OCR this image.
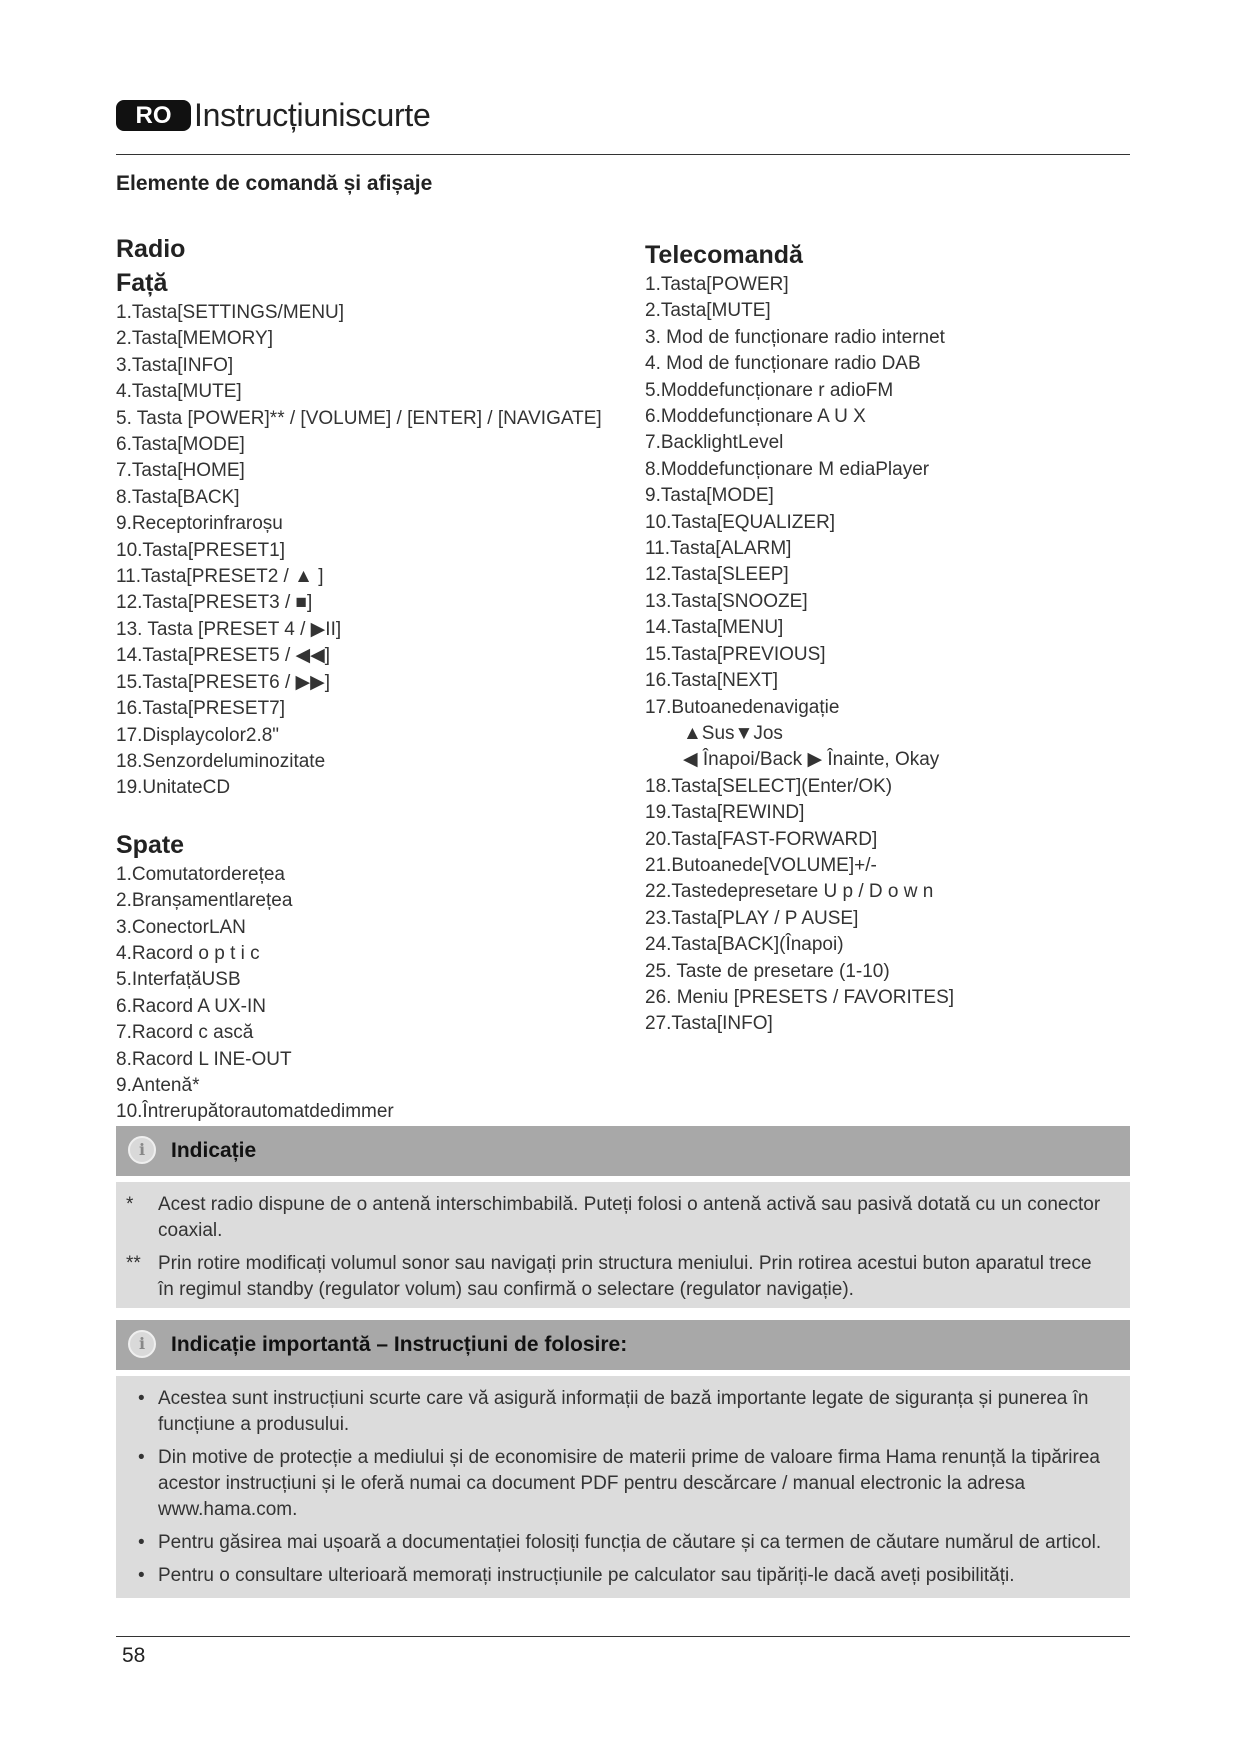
RO Instrucțiuniscurte
Elemente de comandă și afișaje
Radio
Față
1.Tasta[SETTINGS/MENU]
2.Tasta[MEMORY]
3.Tasta[INFO]
4.Tasta[MUTE]
5. Tasta [POWER]** / [VOLUME] / [ENTER] / [NAVIGATE]
6.Tasta[MODE]
7.Tasta[HOME]
8.Tasta[BACK]
9.Receptorinfraroșu
10.Tasta[PRESET1]
11.Tasta[PRESET2 / ▲ ]
12.Tasta[PRESET3 / ■]
13. Tasta [PRESET 4 / ▶II]
14.Tasta[PRESET5 / ◀◀]
15.Tasta[PRESET6 / ▶▶]
16.Tasta[PRESET7]
17.Displaycolor2.8"
18.Senzordeluminozitate
19.UnitateCD
Spate
1.Comutatorderețea
2.Branșamentlarețea
3.ConectorLAN
4.Racord o p t i c
5.InterfațăUSB
6.Racord A UX-IN
7.Racord c ască
8.Racord L INE-OUT
9.Antenă*
10.Întrerupătorautomatdedimmer
Telecomandă
1.Tasta[POWER]
2.Tasta[MUTE]
3. Mod de funcționare radio internet
4. Mod de funcționare radio DAB
5.Moddefuncționare r adioFM
6.Moddefuncționare A U X
7.BacklightLevel
8.Moddefuncționare M ediaPlayer
9.Tasta[MODE]
10.Tasta[EQUALIZER]
11.Tasta[ALARM]
12.Tasta[SLEEP]
13.Tasta[SNOOZE]
14.Tasta[MENU]
15.Tasta[PREVIOUS]
16.Tasta[NEXT]
17.Butoanedenavigație
▲Sus▼Jos
◀ Înapoi/Back ▶ Înainte, Okay
18.Tasta[SELECT](Enter/OK)
19.Tasta[REWIND]
20.Tasta[FAST-FORWARD]
21.Butoanede[VOLUME]+/-
22.Tastedepresetare U p / D o w n
23.Tasta[PLAY / P AUSE]
24.Tasta[BACK](Înapoi)
25. Taste de presetare (1-10)
26. Meniu [PRESETS / FAVORITES]
27.Tasta[INFO]
i	Indicație
* Acest radio dispune de o antenă interschimbabilă. Puteți folosi o antenă activă sau pasivă dotată cu un conector coaxial.
** Prin rotire modificați volumul sonor sau navigați prin structura meniului. Prin rotirea acestui buton aparatul trece în regimul standby (regulator volum) sau confirmă o selectare (regulator navigație).
i	Indicație importantă – Instrucțiuni de folosire:
• Acestea sunt instrucțiuni scurte care vă asigură informații de bază importante legate de siguranța și punerea în funcțiune a produsului.
• Din motive de protecție a mediului și de economisire de materii prime de valoare firma Hama renunță la tipărirea acestor instrucțiuni și le oferă numai ca document PDF pentru descărcare / manual electronic la adresa www.hama.com.
• Pentru găsirea mai ușoară a documentației folosiți funcția de căutare și ca termen de căutare numărul de articol.
• Pentru o consultare ulterioară memorați instrucțiunile pe calculator sau tipăriți-le dacă aveți posibilități.
58
